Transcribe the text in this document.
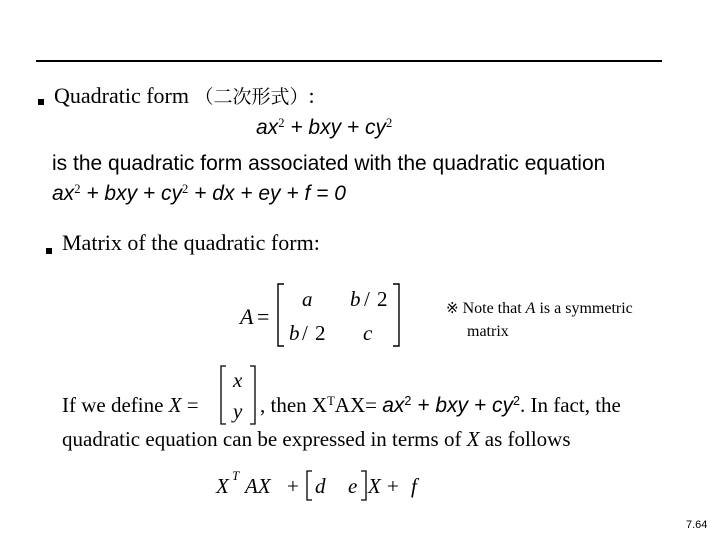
Quadratic form （二次形式）:
$ax^2$ + bxy + $cy^2$
is the quadratic form associated with the quadratic equation
$ax^2$ + bxy + $cy^2$ + dx + ey + f = 0
Matrix of the quadratic form:
A =
a b / 2
b / 2 c
※ Note that A is a symmetric
matrix
If we define X =
x
y , then $X^TAX= ax^2$ + bxy + $cy^2$. In fact, the
quadratic equation can be expressed in terms of X as follows
X T AX + d e X + f
7.64
